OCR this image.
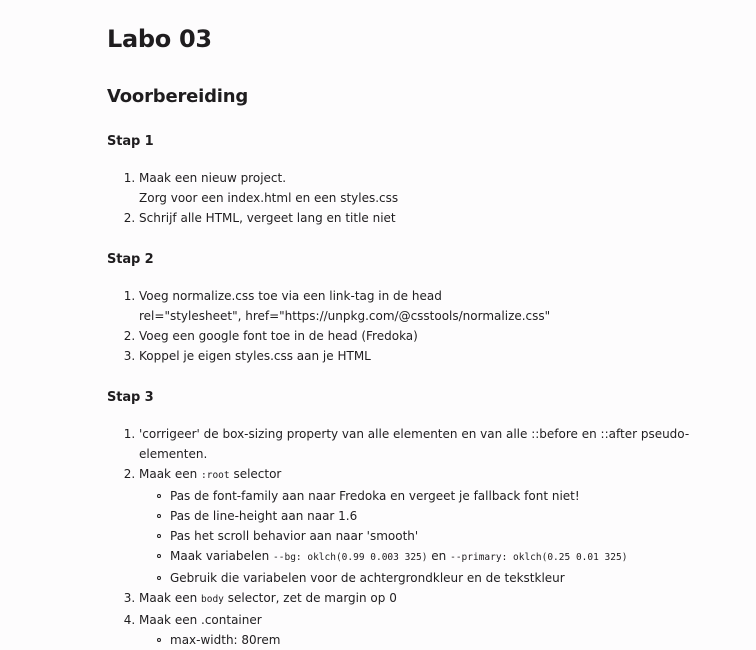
Labo 03
Voorbereiding
Stap 1
1. Maak een nieuw project.
Zorg voor een index.html en een styles.css
2. Schrijf alle HTML, vergeet lang en title niet
Stap 2
1. Voeg normalize.css toe via een link-tag in de head
rel="stylesheet", href="https://unpkg.com/@csstools/normalize.css"
2. Voeg een google font toe in de head (Fredoka)
3. Koppel je eigen styles.css aan je HTML
Stap 3
1. 'corrigeer' de box-sizing property van alle elementen en van alle ::before en ::after pseudo-elementen.
2. Maak een :root selector
Pas de font-family aan naar Fredoka en vergeet je fallback font niet!
Pas de line-height aan naar 1.6
Pas het scroll behavior aan naar 'smooth'
Maak variabelen --bg: oklch(0.99 0.003 325) en --primary: oklch(0.25 0.01 325)
Gebruik die variabelen voor de achtergrondkleur en de tekstkleur
3. Maak een body selector, zet de margin op 0
4. Maak een .container
max-width: 80rem
